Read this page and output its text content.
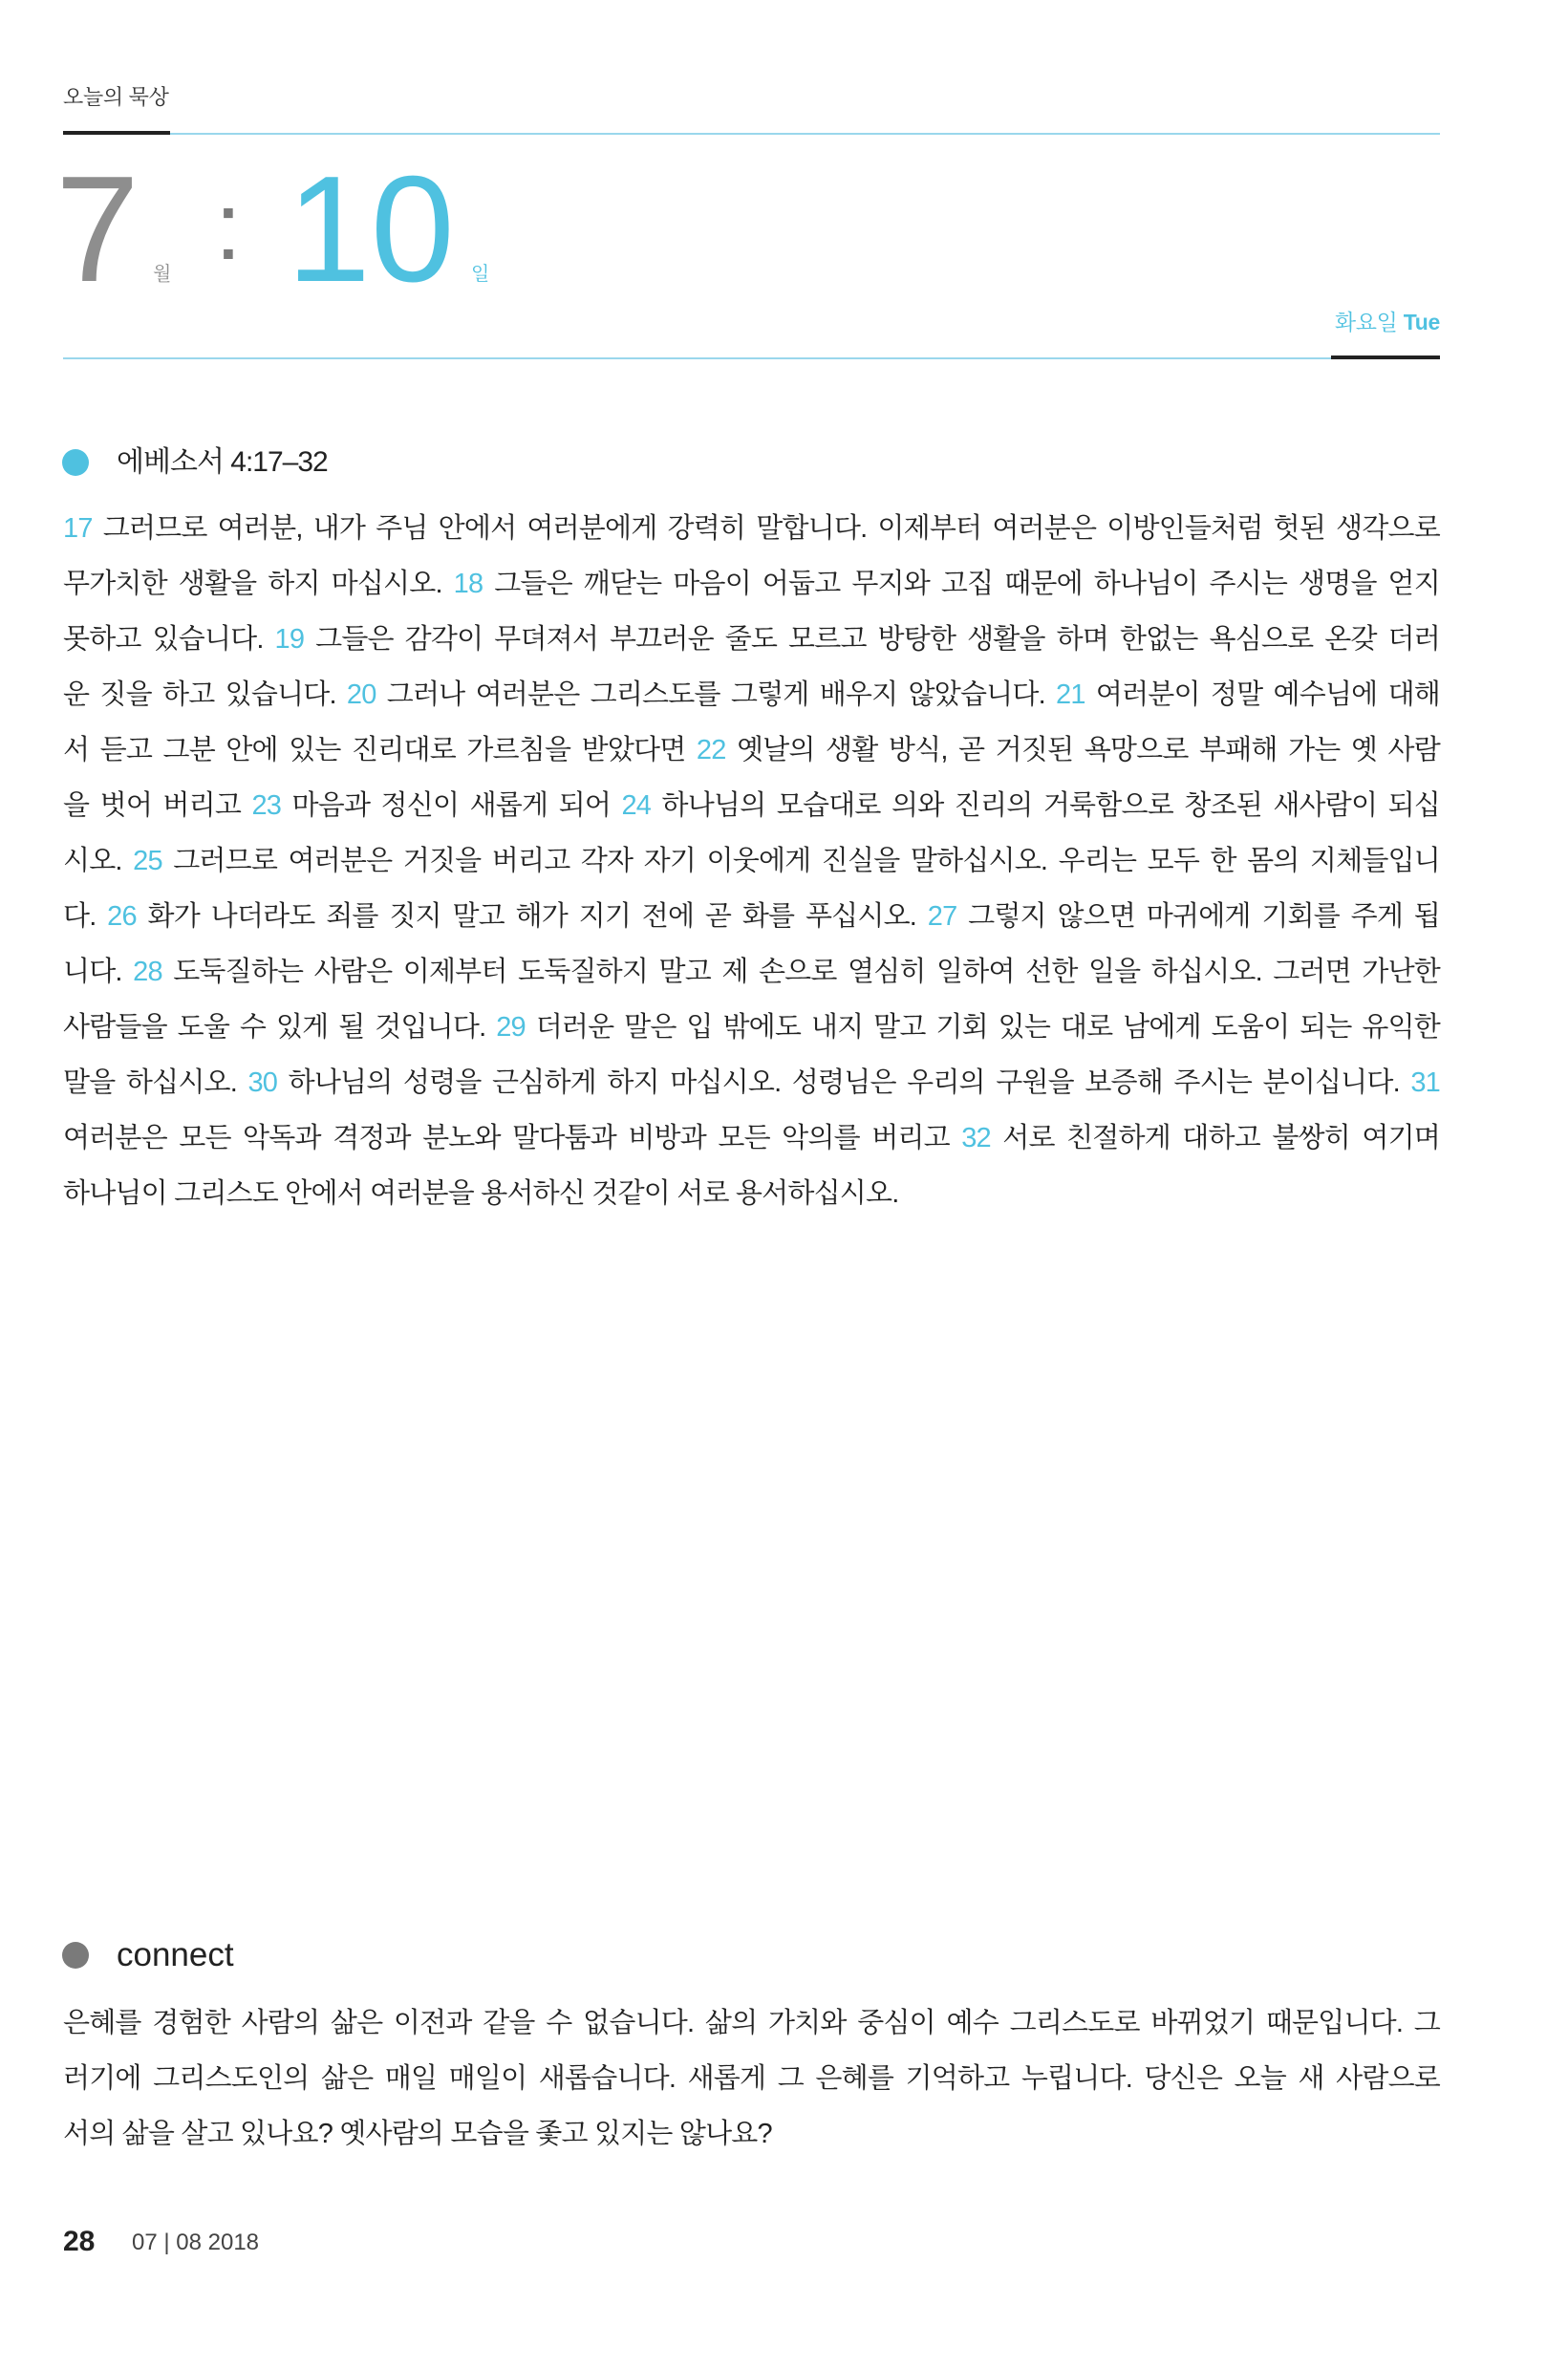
오늘의 묵상
7 월 : 10 일
화요일 Tue
에베소서 4:17–32
17 그러므로 여러분, 내가 주님 안에서 여러분에게 강력히 말합니다. 이제부터 여러분은 이방인들처럼 헛된 생각으로
무가치한 생활을 하지 마십시오. 18 그들은 깨닫는 마음이 어둡고 무지와 고집 때문에 하나님이 주시는 생명을 얻지
못하고 있습니다. 19 그들은 감각이 무뎌져서 부끄러운 줄도 모르고 방탕한 생활을 하며 한없는 욕심으로 온갖 더러
운 짓을 하고 있습니다. 20 그러나 여러분은 그리스도를 그렇게 배우지 않았습니다. 21 여러분이 정말 예수님에 대해
서 듣고 그분 안에 있는 진리대로 가르침을 받았다면 22 옛날의 생활 방식, 곧 거짓된 욕망으로 부패해 가는 옛 사람
을 벗어 버리고 23 마음과 정신이 새롭게 되어 24 하나님의 모습대로 의와 진리의 거룩함으로 창조된 새사람이 되십
시오. 25 그러므로 여러분은 거짓을 버리고 각자 자기 이웃에게 진실을 말하십시오. 우리는 모두 한 몸의 지체들입니
다. 26 화가 나더라도 죄를 짓지 말고 해가 지기 전에 곧 화를 푸십시오. 27 그렇지 않으면 마귀에게 기회를 주게 됩
니다. 28 도둑질하는 사람은 이제부터 도둑질하지 말고 제 손으로 열심히 일하여 선한 일을 하십시오. 그러면 가난한
사람들을 도울 수 있게 될 것입니다. 29 더러운 말은 입 밖에도 내지 말고 기회 있는 대로 남에게 도움이 되는 유익한
말을 하십시오. 30 하나님의 성령을 근심하게 하지 마십시오. 성령님은 우리의 구원을 보증해 주시는 분이십니다. 31
여러분은 모든 악독과 격정과 분노와 말다툼과 비방과 모든 악의를 버리고 32 서로 친절하게 대하고 불쌍히 여기며
하나님이 그리스도 안에서 여러분을 용서하신 것같이 서로 용서하십시오.
connect
은혜를 경험한 사람의 삶은 이전과 같을 수 없습니다. 삶의 가치와 중심이 예수 그리스도로 바뀌었기 때문입니다. 그
러기에 그리스도인의 삶은 매일 매일이 새롭습니다. 새롭게 그 은혜를 기억하고 누립니다. 당신은 오늘 새 사람으로
서의 삶을 살고 있나요? 옛사람의 모습을 좇고 있지는 않나요?
28 07 | 08 2018
